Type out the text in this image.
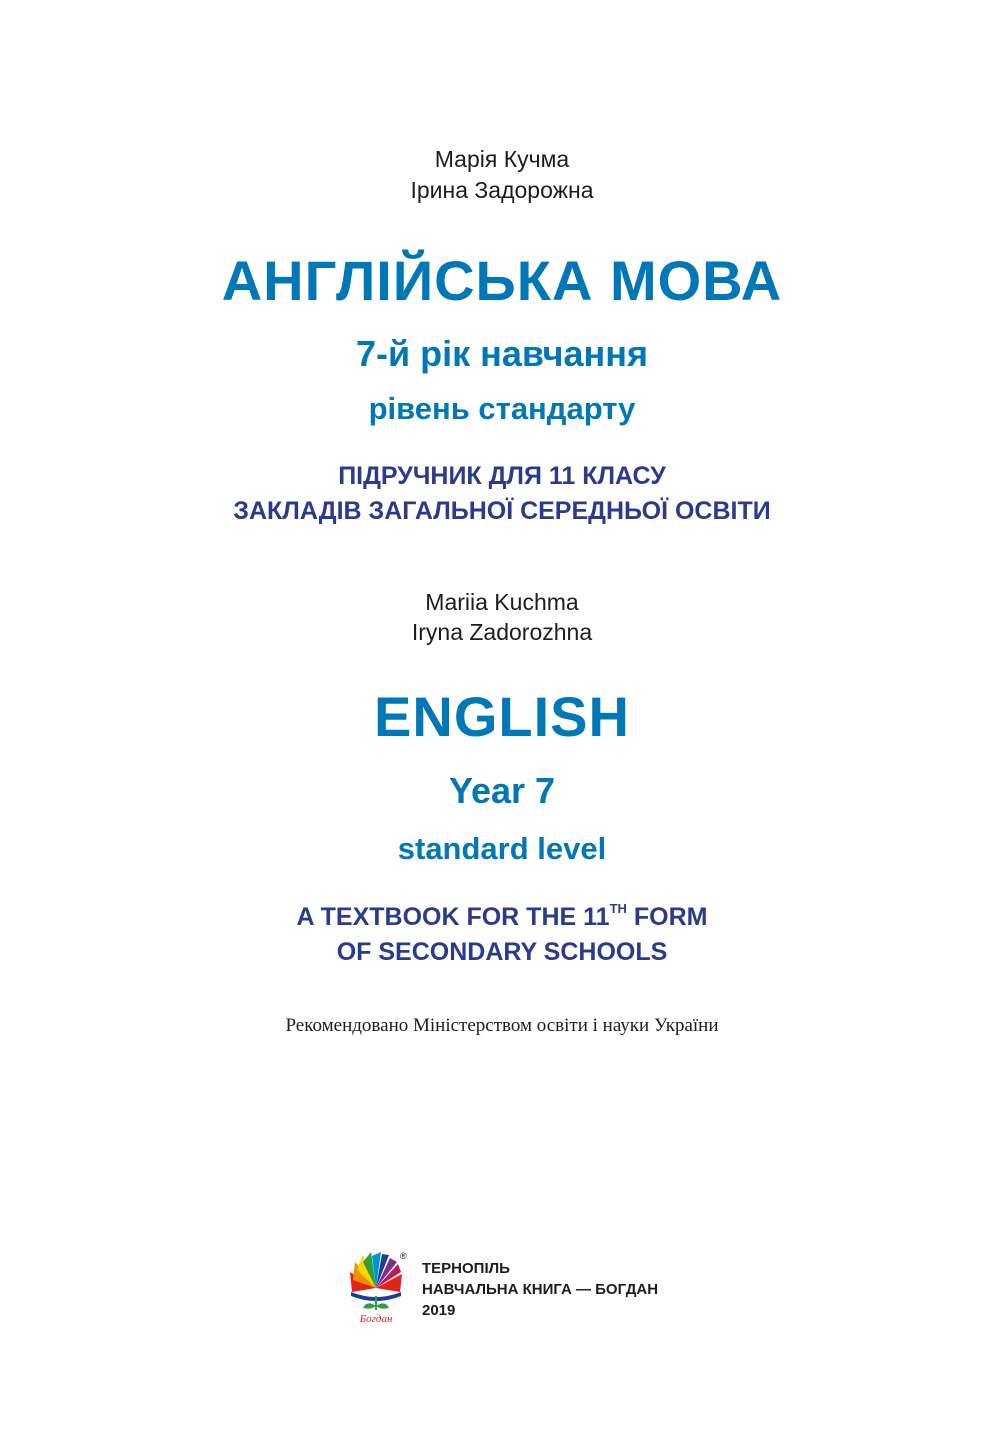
Марія Кучма
Ірина Задорожна
АНГЛІЙСЬКА МОВА
7-й рік навчання
рівень стандарту
ПІДРУЧНИК ДЛЯ 11 КЛАСУ
ЗАКЛАДІВ ЗАГАЛЬНОЇ СЕРЕДНЬОЇ ОСВІТИ
Mariia Kuchma
Iryna Zadorozhna
ENGLISH
Year 7
standard level
A TEXTBOOK FOR THE 11TH FORM
OF SECONDARY SCHOOLS
Рекомендовано Міністерством освіти і науки України
Богдан
®
ТЕРНОПІЛЬ
НАВЧАЛЬНА КНИГА — БОГДАН
2019
